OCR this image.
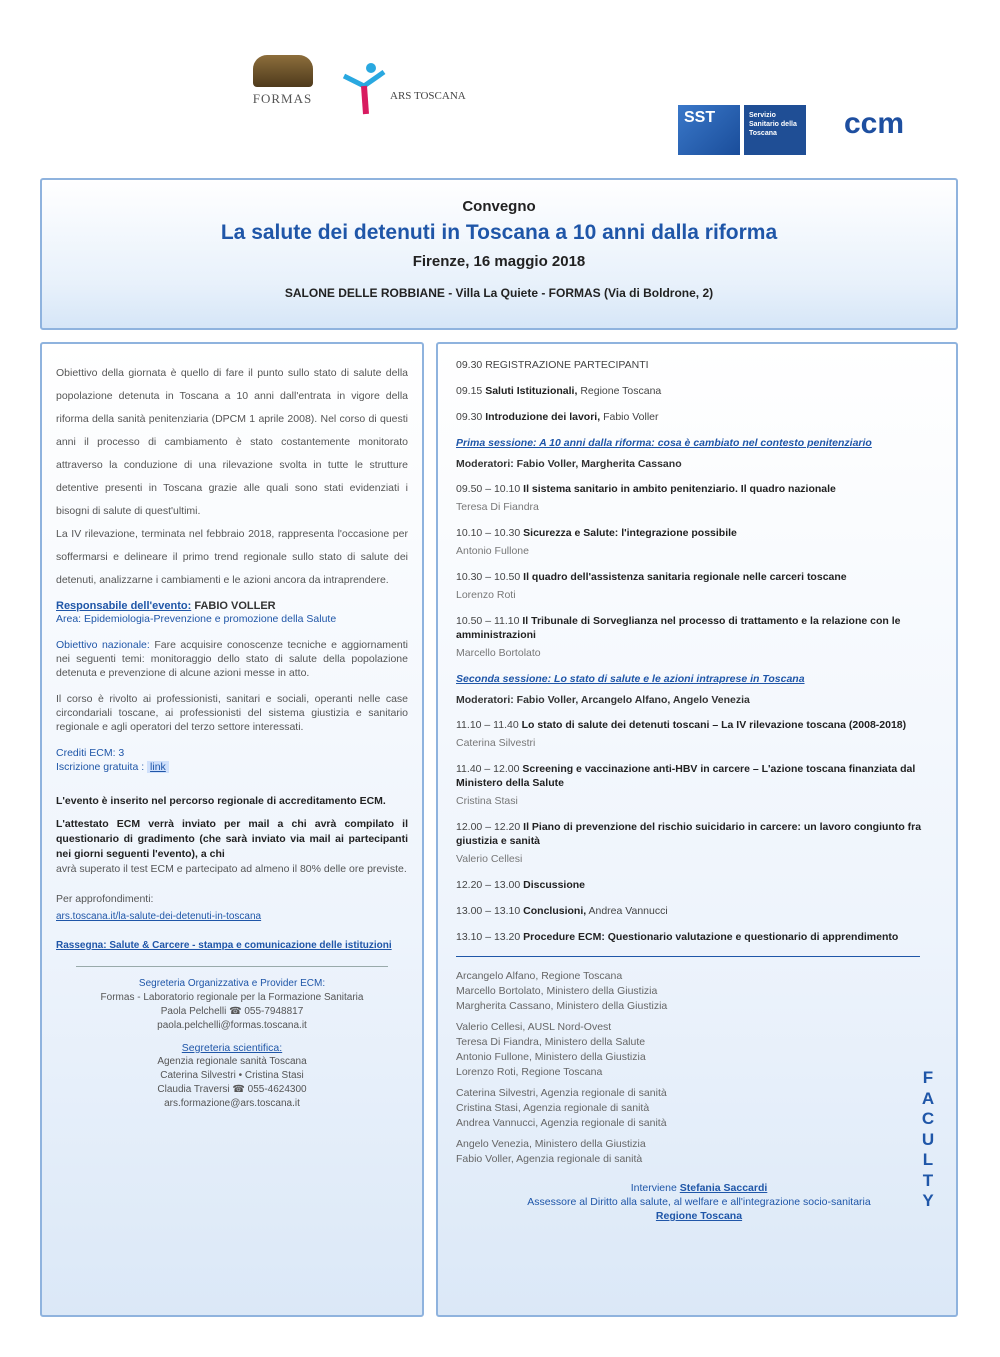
FORMAS	ARS TOSCANA
SST	Servizio Sanitario della Toscana	ccm
Convegno
La salute dei detenuti in Toscana a 10 anni dalla riforma
Firenze, 16 maggio 2018
SALONE DELLE ROBBIANE - Villa La Quiete - FORMAS (Via di Boldrone, 2)
Obiettivo della giornata è quello di fare il punto sullo stato di salute della popolazione detenuta in Toscana a 10 anni dall'entrata in vigore della riforma della sanità penitenziaria (DPCM 1 aprile 2008). Nel corso di questi anni il processo di cambiamento è stato costantemente monitorato attraverso la conduzione di una rilevazione svolta in tutte le strutture detentive presenti in Toscana grazie alle quali sono stati evidenziati i bisogni di salute di quest'ultimi.
La IV rilevazione, terminata nel febbraio 2018, rappresenta l'occasione per soffermarsi e delineare il primo trend regionale sullo stato di salute dei detenuti, analizzarne i cambiamenti e le azioni ancora da intraprendere.
Responsabile dell'evento: FABIO VOLLER
Area: Epidemiologia-Prevenzione e promozione della Salute
Obiettivo nazionale: Fare acquisire conoscenze tecniche e aggiornamenti nei seguenti temi: monitoraggio dello stato di salute della popolazione detenuta e prevenzione di alcune azioni messe in atto.
Il corso è rivolto ai professionisti, sanitari e sociali, operanti nelle case circondariali toscane, ai professionisti del sistema giustizia e sanitario regionale e agli operatori del terzo settore interessati.
Crediti ECM: 3
Iscrizione gratuita : link
L'evento è inserito nel percorso regionale di accreditamento ECM.
L'attestato ECM verrà inviato per mail a chi avrà compilato il questionario di gradimento (che sarà inviato via mail ai partecipanti nei giorni seguenti l'evento), a chi
avrà superato il test ECM e partecipato ad almeno il 80% delle ore previste.
Per approfondimenti:
ars.toscana.it/la-salute-dei-detenuti-in-toscana
Rassegna: Salute & Carcere - stampa e comunicazione delle istituzioni
Segreteria Organizzativa e Provider ECM:
Formas - Laboratorio regionale per la Formazione Sanitaria
Paola Pelchelli ☎ 055-7948817
paola.pelchelli@formas.toscana.it
Segreteria scientifica:
Agenzia regionale sanità Toscana
Caterina Silvestri • Cristina Stasi
Claudia Traversi ☎ 055-4624300
ars.formazione@ars.toscana.it
09.30 REGISTRAZIONE PARTECIPANTI
09.15 Saluti Istituzionali, Regione Toscana
09.30 Introduzione dei lavori, Fabio Voller
Prima sessione: A 10 anni dalla riforma: cosa è cambiato nel contesto penitenziario
Moderatori: Fabio Voller, Margherita Cassano
09.50 – 10.10 Il sistema sanitario in ambito penitenziario. Il quadro nazionale
Teresa Di Fiandra
10.10 – 10.30 Sicurezza e Salute: l'integrazione possibile
Antonio Fullone
10.30 – 10.50 Il quadro dell'assistenza sanitaria regionale nelle carceri toscane
Lorenzo Roti
10.50 – 11.10 Il Tribunale di Sorveglianza nel processo di trattamento e la relazione con le amministrazioni
Marcello Bortolato
Seconda sessione: Lo stato di salute e le azioni intraprese in Toscana
Moderatori: Fabio Voller, Arcangelo Alfano, Angelo Venezia
11.10 – 11.40 Lo stato di salute dei detenuti toscani – La IV rilevazione toscana (2008-2018)
Caterina Silvestri
11.40 – 12.00 Screening e vaccinazione anti-HBV in carcere – L'azione toscana finanziata dal Ministero della Salute
Cristina Stasi
12.00 – 12.20 Il Piano di prevenzione del rischio suicidario in carcere: un lavoro congiunto fra giustizia e sanità
Valerio Cellesi
12.20 – 13.00 Discussione
13.00 – 13.10 Conclusioni, Andrea Vannucci
13.10 – 13.20 Procedure ECM: Questionario valutazione e questionario di apprendimento
Arcangelo Alfano, Regione Toscana
Marcello Bortolato, Ministero della Giustizia
Margherita Cassano, Ministero della Giustizia
Valerio Cellesi, AUSL Nord-Ovest
Teresa Di Fiandra, Ministero della Salute
Antonio Fullone, Ministero della Giustizia
Lorenzo Roti, Regione Toscana
Caterina Silvestri, Agenzia regionale di sanità
Cristina Stasi, Agenzia regionale di sanità
Andrea Vannucci, Agenzia regionale di sanità
Angelo Venezia, Ministero della Giustizia
Fabio Voller, Agenzia regionale di sanità
Interviene Stefania Saccardi
Assessore al Diritto alla salute, al welfare e all'integrazione socio-sanitaria
Regione Toscana
F
A
C
U
L
T
Y
